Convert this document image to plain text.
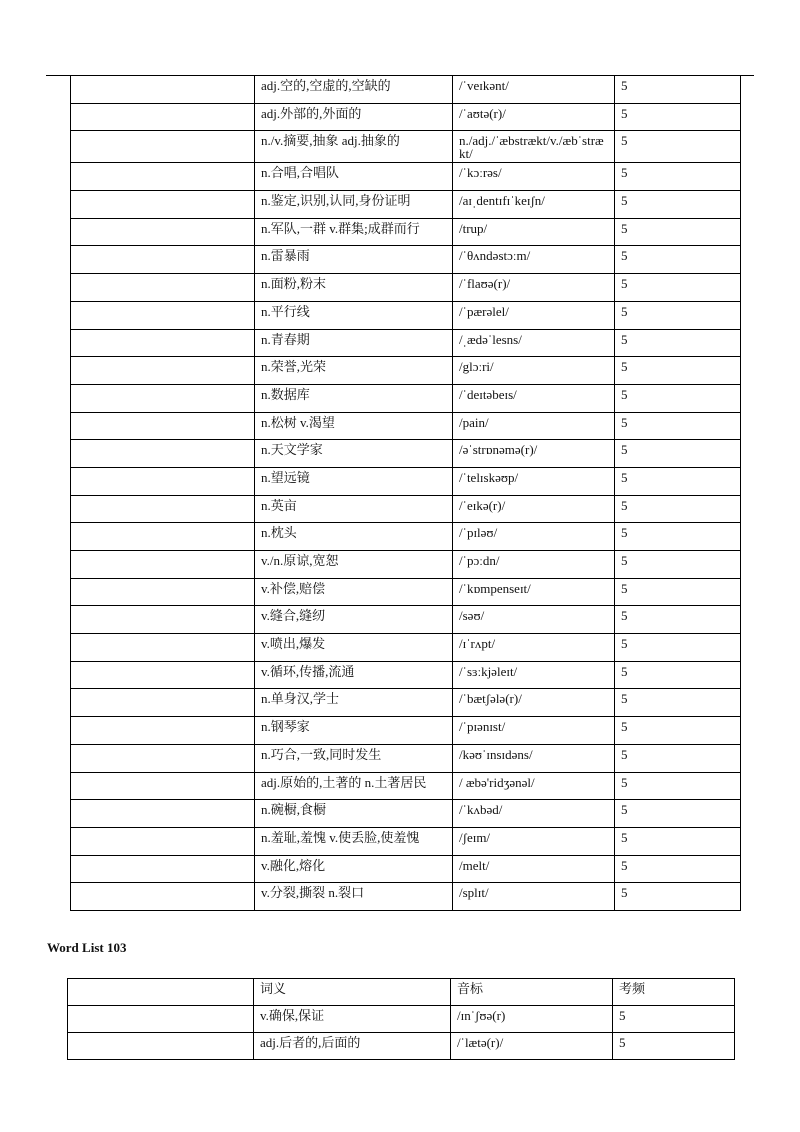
	adj.空的,空虚的,空缺的	/ˈveɪkənt/	5
	adj.外部的,外面的	/ˈaʊtə(r)/	5
	n./v.摘要,抽象 adj.抽象的	n./adj./ˈæbstrækt/v./æbˈstrækt/	5
	n.合唱,合唱队	/ˈkɔːrəs/	5
	n.鉴定,识别,认同,身份证明	/aɪˌdentɪfɪˈkeɪʃn/	5
	n.军队,一群 v.群集;成群而行	/trup/	5
	n.雷暴雨	/ˈθʌndəstɔːm/	5
	n.面粉,粉末	/ˈflaʊə(r)/	5
	n.平行线	/ˈpærəlel/	5
	n.青春期	/ˌædəˈlesns/	5
	n.荣誉,光荣	/glɔːri/	5
	n.数据库	/ˈdeɪtəbeɪs/	5
	n.松树 v.渴望	/pain/	5
	n.天文学家	/əˈstrɒnəmə(r)/	5
	n.望远镜	/ˈtelɪskəʊp/	5
	n.英亩	/ˈeɪkə(r)/	5
	n.枕头	/ˈpɪləʊ/	5
	v./n.原谅,宽恕	/ˈpɔːdn/	5
	v.补偿,赔偿	/ˈkɒmpenseɪt/	5
	v.缝合,缝纫	/səʊ/	5
	v.喷出,爆发	/ɪˈrʌpt/	5
	v.循环,传播,流通	/ˈsɜːkjəleɪt/	5
	n.单身汉,学士	/ˈbætʃələ(r)/	5
	n.钢琴家	/ˈpɪənɪst/	5
	n.巧合,一致,同时发生	/kəʊˈɪnsɪdəns/	5
	adj.原始的,土著的 n.土著居民	/ æbə'ridʒənəl/	5
	n.碗橱,食橱	/ˈkʌbəd/	5
	n.羞耻,羞愧 v.使丢脸,使羞愧	/ʃeɪm/	5
	v.融化,熔化	/melt/	5
	v.分裂,撕裂 n.裂口	/splɪt/	5
Word List 103
	词义	音标	考频
	v.确保,保证	/ɪnˈʃʊə(r)	5
	adj.后者的,后面的	/ˈlætə(r)/	5
